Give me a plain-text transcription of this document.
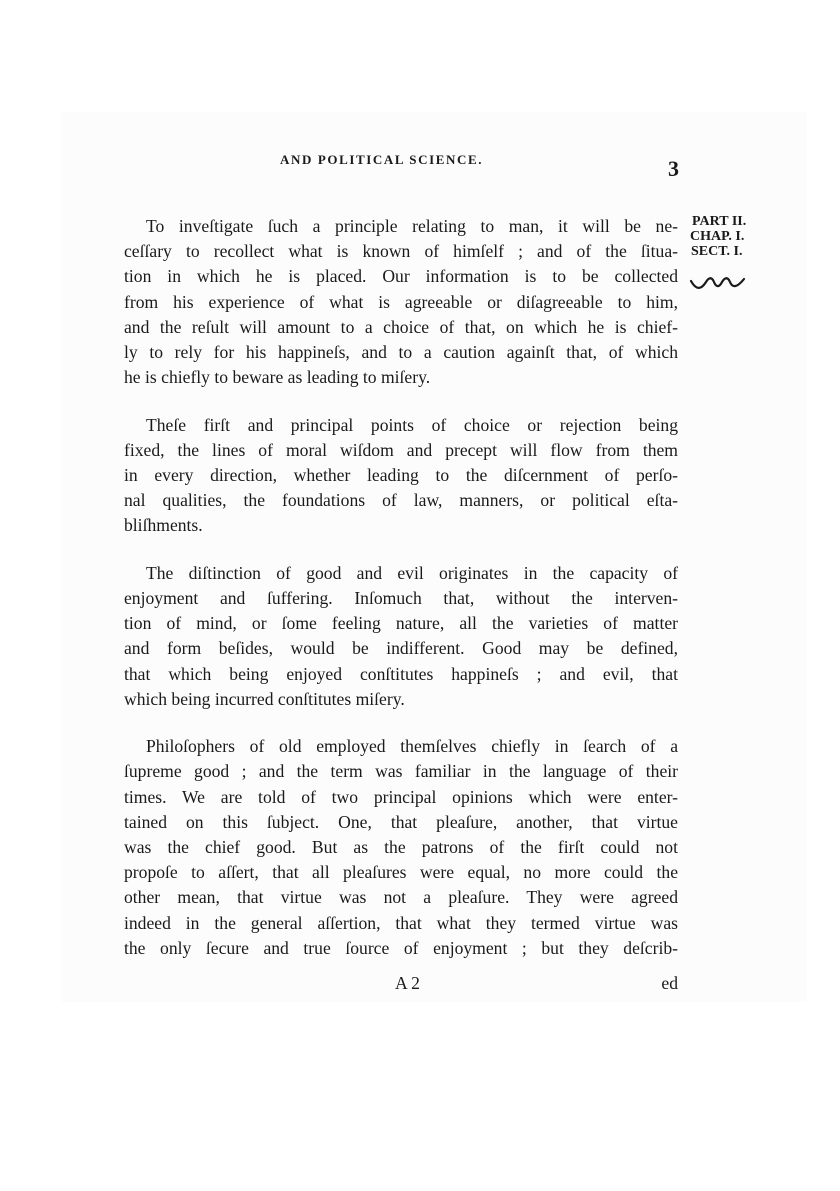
AND POLITICAL SCIENCE.	3
PART II.
CHAP. I.
SECT. I.

To inveſtigate ſuch a principle relating to man, it will be ne-
ceſſary to recollect what is known of himſelf ; and of the ſitua-
tion in which he is placed. Our information is to be collected
from his experience of what is agreeable or diſagreeable to him,
and the reſult will amount to a choice of that, on which he is chief-
ly to rely for his happineſs, and to a caution againſt that, of which
he is chiefly to beware as leading to miſery.

Theſe firſt and principal points of choice or rejection being
fixed, the lines of moral wiſdom and precept will flow from them
in every direction, whether leading to the diſcernment of perſo-
nal qualities, the foundations of law, manners, or political eſta-
bliſhments.

The diſtinction of good and evil originates in the capacity of
enjoyment and ſuffering. Inſomuch that, without the interven-
tion of mind, or ſome feeling nature, all the varieties of matter
and form beſides, would be indifferent. Good may be defined,
that which being enjoyed conſtitutes happineſs ; and evil, that
which being incurred conſtitutes miſery.

Philoſophers of old employed themſelves chiefly in ſearch of a
ſupreme good ; and the term was familiar in the language of their
times. We are told of two principal opinions which were enter-
tained on this ſubject. One, that pleaſure, another, that virtue
was the chief good. But as the patrons of the firſt could not
propoſe to aſſert, that all pleaſures were equal, no more could the
other mean, that virtue was not a pleaſure. They were agreed
indeed in the general aſſertion, that what they termed virtue was
the only ſecure and true ſource of enjoyment ; but they deſcrib-

A 2	ed
